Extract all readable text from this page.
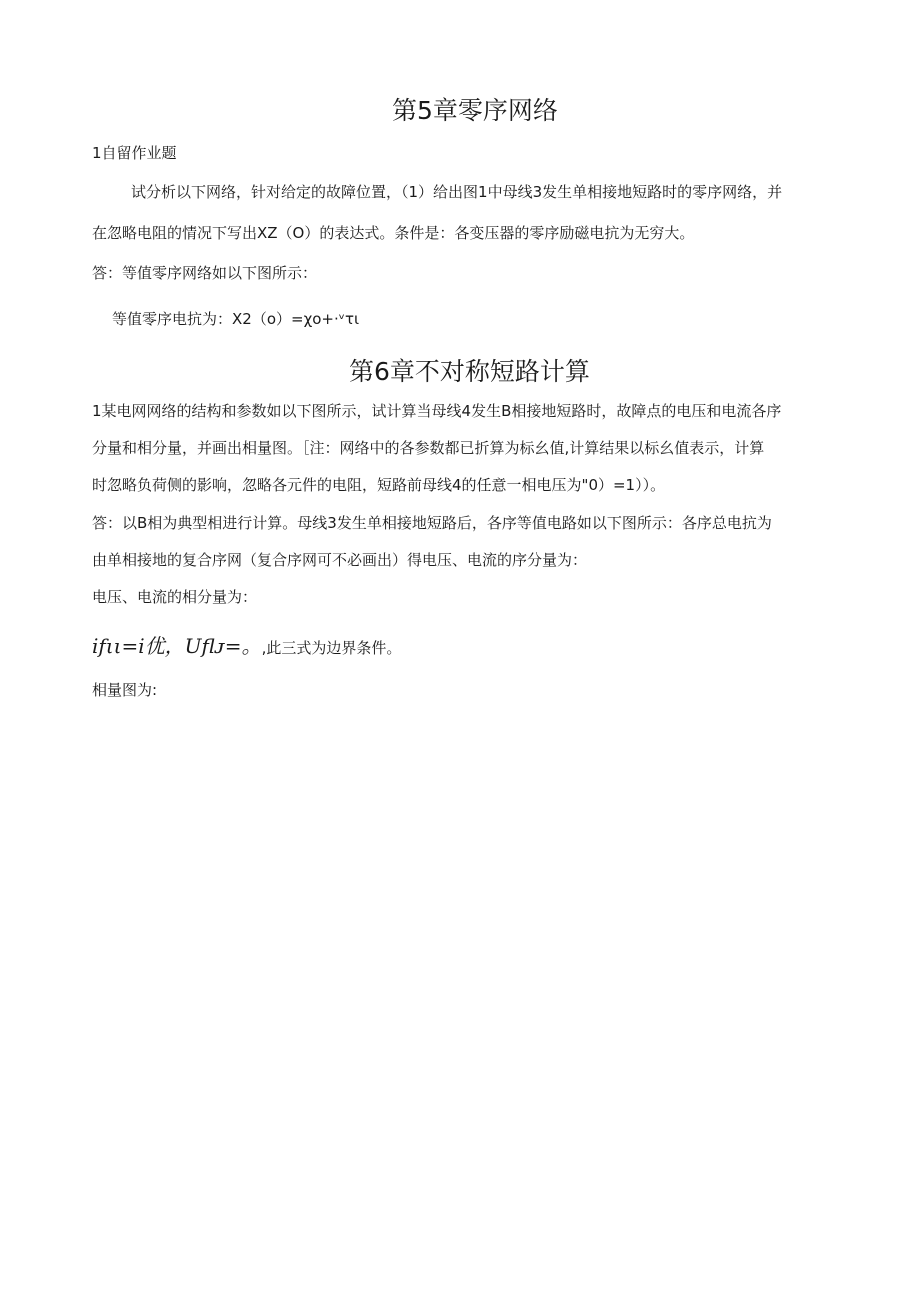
第5章零序网络
1自留作业题
试分析以下网络，针对给定的故障位置，（1）给出图1中母线3发生单相接地短路时的零序网络，并
在忽略电阻的情况下写出XZ（O）的表达式。条件是：各变压器的零序励磁电抗为无穷大。
答：等值零序网络如以下图所示：
等值零序电抗为：X2（o）=χo+·ᵛτι
第6章不对称短路计算
1某电网网络的结构和参数如以下图所示，试计算当母线4发生B相接地短路时，故障点的电压和电流各序
分量和相分量，并画出相量图。［注：网络中的各参数都已折算为标幺值,计算结果以标幺值表示，计算
时忽略负荷侧的影响，忽略各元件的电阻，短路前母线4的任意一相电压为"0）=1））。
答：以B相为典型相进行计算。母线3发生单相接地短路后，各序等值电路如以下图所示：各序总电抗为
由单相接地的复合序网（复合序网可不必画出）得电压、电流的序分量为：
电压、电流的相分量为：
ifιι=i优，Uflᴊ=。,此三式为边界条件。
相量图为:
